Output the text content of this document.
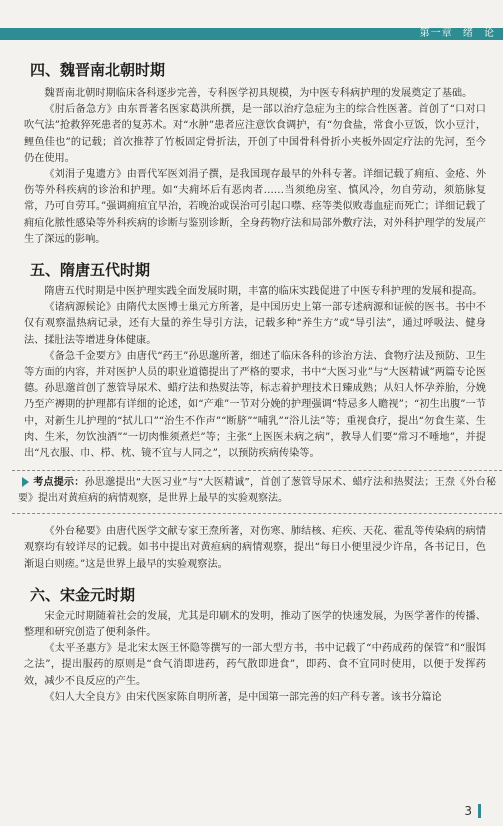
第一章 绪 论
四、魏晋南北朝时期

魏晋南北朝时期临床各科逐步完善，专科医学初具规模，为中医专科病护理的发展奠定了基础。

《肘后备急方》由东晋著名医家葛洪所撰，是一部以治疗急症为主的综合性医著。首创了“口对口吹气法”抢救猝死患者的复苏术。对“水肿”患者应注意饮食调护，有“勿食盐，常食小豆饭，饮小豆汁，鲤鱼佳也”的记载；首次推荐了竹板固定骨折法，开创了中国骨科骨折小夹板外固定疗法的先河，至今仍在使用。

《刘涓子鬼遗方》由晋代军医刘涓子撰，是我国现存最早的外科专著。详细记载了痈疽、金疮、外伤等外科疾病的诊治和护理。如“夫痈坏后有恶肉者……当须绝房室、慎风冷，勿自劳动，须筋脉复常，乃可自劳耳。”强调痈疽宜早治，若晚治或误治可引起口噤、痉等类似败毒血症而死亡；详细记载了痈疽化脓性感染等外科疾病的诊断与鉴别诊断，全身药物疗法和局部外敷疗法，对外科护理学的发展产生了深远的影响。

五、隋唐五代时期

隋唐五代时期是中医护理实践全面发展时期，丰富的临床实践促进了中医专科护理的发展和提高。

《诸病源候论》由隋代太医博士巢元方所著，是中国历史上第一部专述病源和证候的医书。书中不仅有观察温热病记录，还有大量的养生导引方法，记载多种“养生方”或“导引法”，通过呼吸法、健身法、揉肚法等增进身体健康。

《备急千金要方》由唐代“药王”孙思邈所著，细述了临床各科的诊治方法、食物疗法及预防、卫生等方面的内容，并对医护人员的职业道德提出了严格的要求，书中“大医习业”与“大医精诚”两篇专论医德。孙思邈首创了葱管导尿术、蜡疗法和热熨法等，标志着护理技术日臻成熟；从妇人怀孕养胎，分娩乃至产褥期的护理都有详细的论述，如“产难”一节对分娩的护理强调“特忌多人瞻视”；“初生出腹”一节中，对新生儿护理的“拭儿口”“治生不作声”“断脐”“哺乳”“浴儿法”等；重视食疗，提出“勿食生菜、生肉、生米，勿饮浊酒”“一切肉惟须煮烂”等；主张“上医医未病之病”，教导人们要“常习不唾地”，并提出“凡衣服、巾、栉、枕、镜不宜与人同之”，以预防疾病传染等。

考点提示：孙思邈提出“大医习业”与“大医精诚”，首创了葱管导尿术、蜡疗法和热熨法；王焘《外台秘要》提出对黄疸病的病情观察，是世界上最早的实验观察法。

《外台秘要》由唐代医学文献专家王焘所著，对伤寒、肺结核、疟疾、天花、霍乱等传染病的病情观察均有较详尽的记载。如书中提出对黄疸病的病情观察，提出“每日小便里浸少许帛，各书记日，色渐退白则瘥。”这是世界上最早的实验观察法。

六、宋金元时期

宋金元时期随着社会的发展，尤其是印刷术的发明，推动了医学的快速发展，为医学著作的传播、整理和研究创造了便利条件。

《太平圣惠方》是北宋太医王怀隐等撰写的一部大型方书，书中记载了“中药成药的保管”和“服饵之法”，提出服药的原则是“食气消即进药，药气散即进食”，即药、食不宜同时使用，以便于发挥药效，减少不良反应的产生。

《妇人大全良方》由宋代医家陈自明所著，是中国第一部完善的妇产科专著。该书分篇论

3
